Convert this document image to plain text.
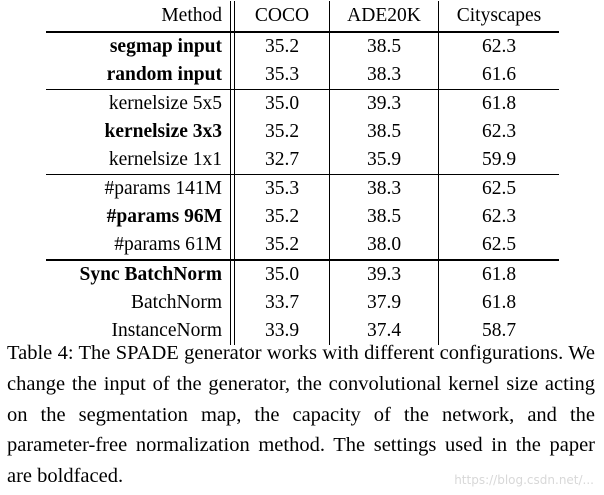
Method		COCO	ADE20K	Cityscapes
segmap input		35.2	38.5	62.3
random input		35.3	38.3	61.6
kernelsize 5x5		35.0	39.3	61.8
kernelsize 3x3		35.2	38.5	62.3
kernelsize 1x1		32.7	35.9	59.9
#params 141M		35.3	38.3	62.5
#params 96M		35.2	38.5	62.3
#params 61M		35.2	38.0	62.5
Sync BatchNorm		35.0	39.3	61.8
BatchNorm		33.7	37.9	61.8
InstanceNorm		33.9	37.4	58.7
Table 4: The SPADE generator works with different configurations. We change the input of the generator, the convolutional kernel size acting on the segmentation map, the capacity of the network, and the parameter-free normalization method. The settings used in the paper are boldfaced.	https://blog.csdn.net/...
